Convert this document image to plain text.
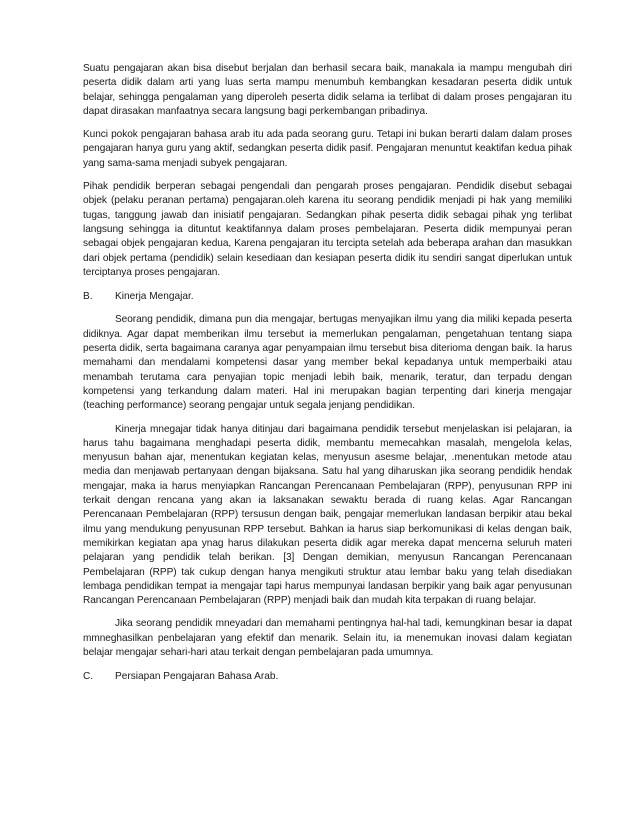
Suatu pengajaran akan bisa disebut berjalan dan berhasil secara baik, manakala ia mampu mengubah diri peserta didik dalam arti yang luas serta mampu menumbuh kembangkan kesadaran peserta didik untuk belajar, sehingga pengalaman yang diperoleh peserta didik selama ia terlibat di dalam proses pengajaran itu dapat dirasakan manfaatnya secara langsung bagi perkembangan pribadinya.

Kunci pokok pengajaran bahasa arab itu ada pada seorang guru. Tetapi ini bukan berarti dalam dalam proses pengajaran hanya guru yang aktif, sedangkan peserta didik pasif. Pengajaran menuntut keaktifan kedua pihak yang sama-sama menjadi subyek pengajaran.

Pihak pendidik berperan sebagai pengendali dan pengarah proses pengajaran. Pendidik disebut sebagai objek (pelaku peranan pertama) pengajaran.oleh karena itu seorang pendidik menjadi pi hak yang memiliki tugas, tanggung jawab dan inisiatif pengajaran. Sedangkan pihak peserta didik sebagai pihak yng terlibat langsung sehingga ia dituntut keaktifannya dalam proses pembelajaran. Peserta didik mempunyai peran sebagai objek pengajaran kedua, Karena pengajaran itu tercipta setelah ada beberapa arahan dan masukkan dari objek pertama (pendidik) selain kesediaan dan kesiapan peserta didik itu sendiri sangat diperlukan untuk terciptanya proses pengajaran.

B.	Kinerja Mengajar.

Seorang pendidik, dimana pun dia mengajar, bertugas menyajikan ilmu yang dia miliki kepada peserta didiknya. Agar dapat memberikan ilmu tersebut ia memerlukan pengalaman, pengetahuan tentang siapa peserta didik, serta bagaimana caranya agar penyampaian ilmu tersebut bisa diterioma dengan baik. Ia harus memahami dan mendalami kompetensi dasar yang member bekal kepadanya untuk memperbaiki atau menambah terutama cara penyajian topic menjadi lebih baik, menarik, teratur, dan terpadu dengan kompetensi yang terkandung dalam materi. Hal ini merupakan bagian terpenting dari kinerja mengajar (teaching performance) seorang pengajar untuk segala jenjang pendidikan.

Kinerja mnegajar tidak hanya ditinjau dari bagaimana pendidik tersebut menjelaskan isi pelajaran, ia harus tahu bagaimana menghadapi peserta didik, membantu memecahkan masalah, mengelola kelas, menyusun bahan ajar, menentukan kegiatan kelas, menyusun asesme belajar, .menentukan metode atau media dan menjawab pertanyaan dengan bijaksana. Satu hal yang diharuskan jika seorang pendidik hendak mengajar, maka ia harus menyiapkan Rancangan Perencanaan Pembelajaran (RPP), penyusunan RPP ini terkait dengan rencana yang akan ia laksanakan sewaktu berada di ruang kelas. Agar Rancangan Perencanaan Pembelajaran (RPP) tersusun dengan baik, pengajar memerlukan landasan berpikir atau bekal ilmu yang mendukung penyusunan RPP tersebut. Bahkan ia harus siap berkomunikasi di kelas dengan baik, memikirkan kegiatan apa ynag harus dilakukan peserta didik agar mereka dapat mencerna seluruh materi pelajaran yang pendidik telah berikan. [3] Dengan demikian, menyusun Rancangan Perencanaan Pembelajaran (RPP) tak cukup dengan hanya mengikuti struktur atau lembar baku yang telah disediakan lembaga pendidikan tempat ia mengajar tapi harus mempunyai landasan berpikir yang baik agar penyusunan Rancangan Perencanaan Pembelajaran (RPP) menjadi baik dan mudah kita terpakan di ruang belajar.

Jika seorang pendidik mneyadari dan memahami pentingnya hal-hal tadi, kemungkinan besar ia dapat mmneghasilkan penbelajaran yang efektif dan menarik. Selain itu, ia menemukan inovasi dalam kegiatan belajar mengajar sehari-hari atau terkait dengan pembelajaran pada umumnya.

C.	Persiapan Pengajaran Bahasa Arab.
